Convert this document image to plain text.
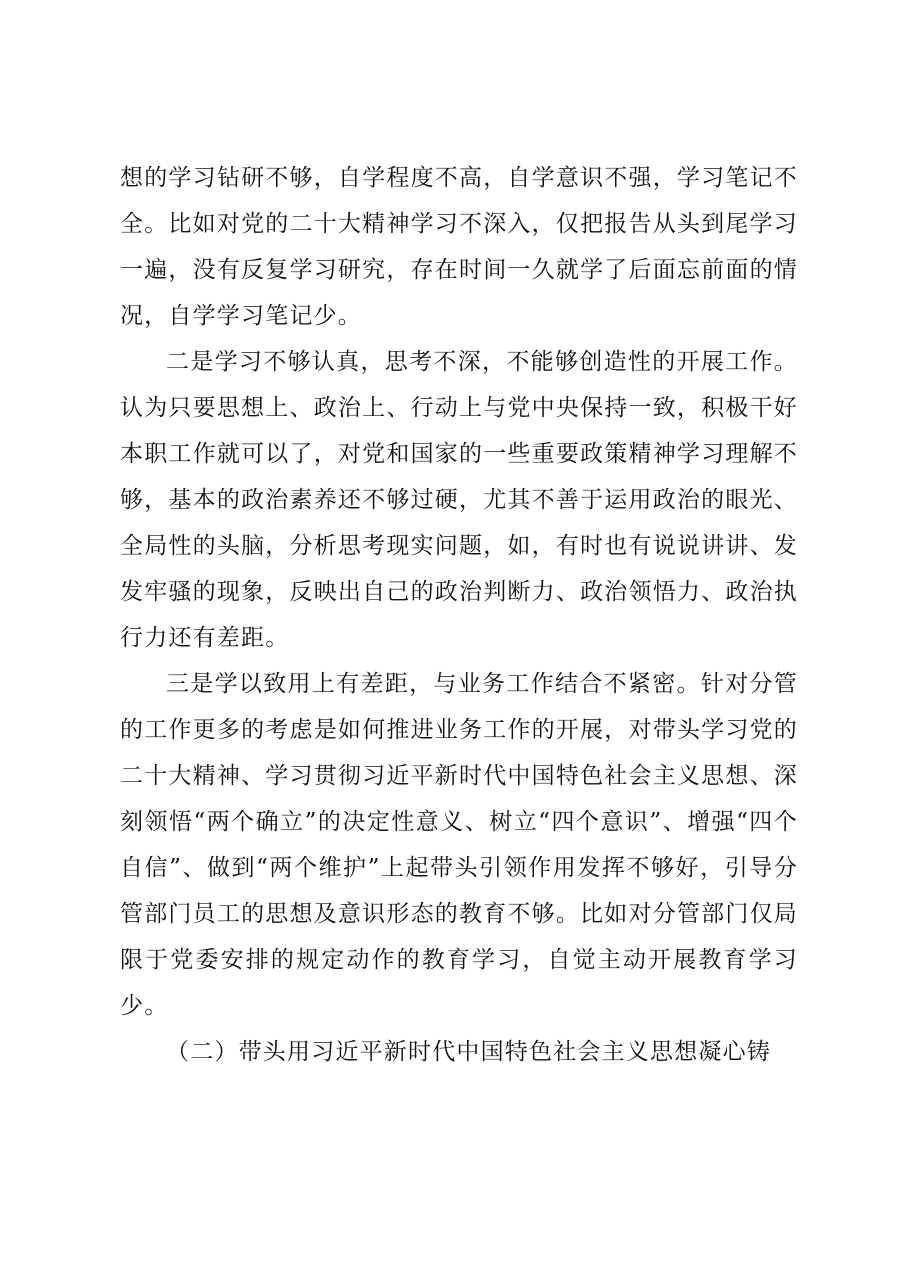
想的学习钻研不够，自学程度不高，自学意识不强，学习笔记不全。比如对党的二十大精神学习不深入，仅把报告从头到尾学习一遍，没有反复学习研究，存在时间一久就学了后面忘前面的情况，自学学习笔记少。

二是学习不够认真，思考不深，不能够创造性的开展工作。认为只要思想上、政治上、行动上与党中央保持一致，积极干好本职工作就可以了，对党和国家的一些重要政策精神学习理解不够，基本的政治素养还不够过硬，尤其不善于运用政治的眼光、全局性的头脑，分析思考现实问题，如，有时也有说说讲讲、发发牢骚的现象，反映出自己的政治判断力、政治领悟力、政治执行力还有差距。

三是学以致用上有差距，与业务工作结合不紧密。针对分管的工作更多的考虑是如何推进业务工作的开展，对带头学习党的二十大精神、学习贯彻习近平新时代中国特色社会主义思想、深刻领悟“两个确立”的决定性意义、树立“四个意识”、增强“四个自信”、做到“两个维护”上起带头引领作用发挥不够好，引导分管部门员工的思想及意识形态的教育不够。比如对分管部门仅局限于党委安排的规定动作的教育学习，自觉主动开展教育学习少。

（二）带头用习近平新时代中国特色社会主义思想凝心铸
